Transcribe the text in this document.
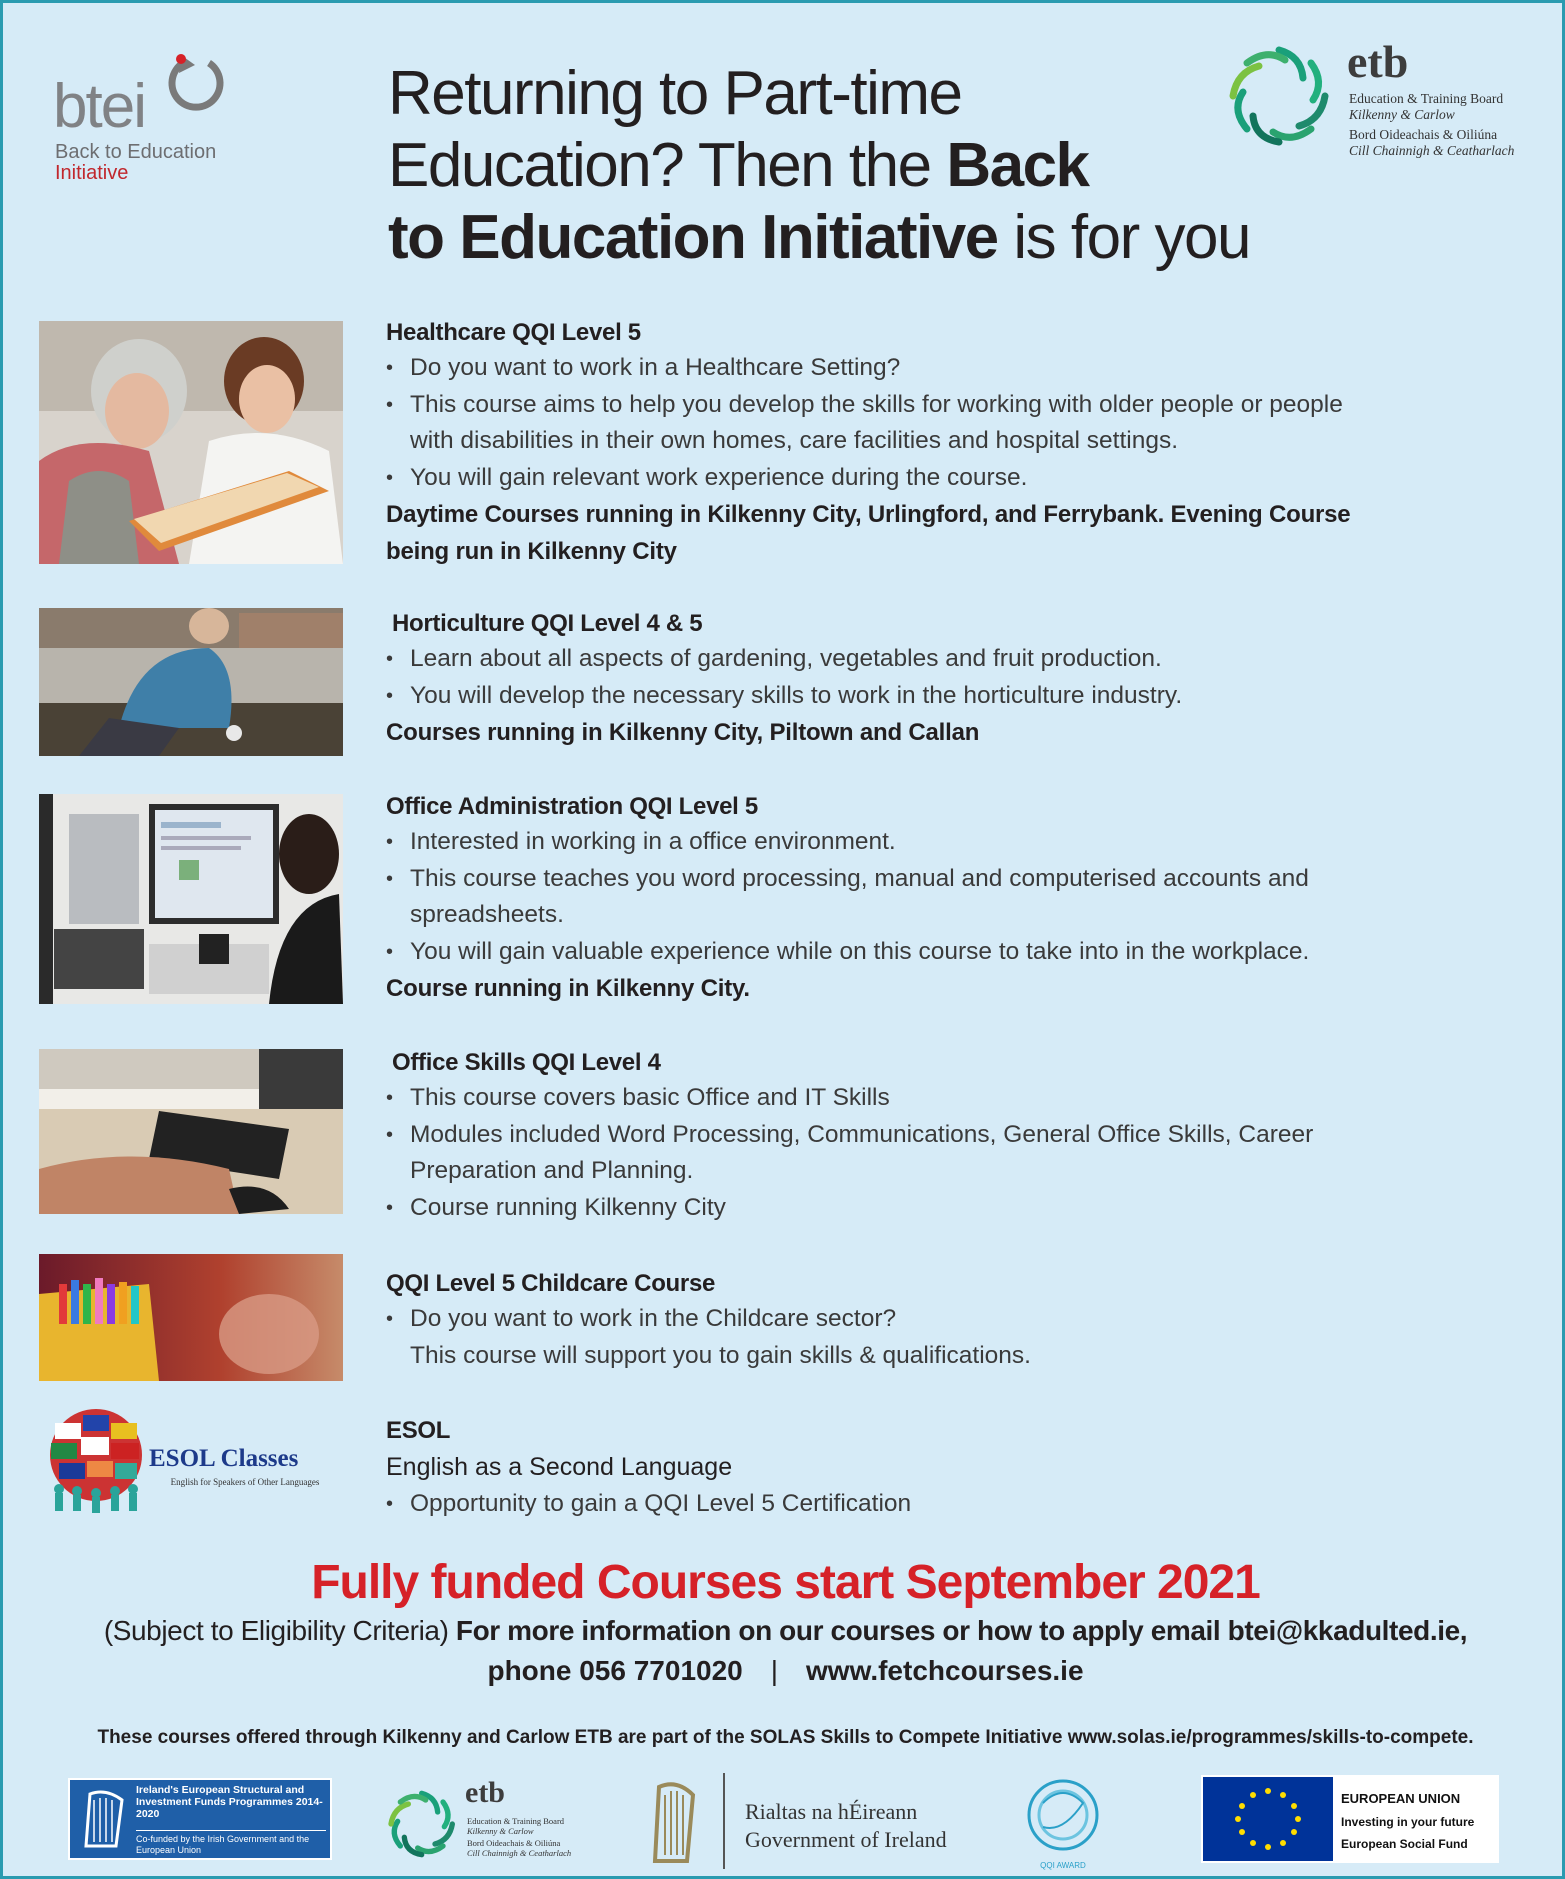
btei
Back to Education
Initiative
etb
Education & Training Board
Kilkenny & Carlow
Bord Oideachais & Oiliúna
Cill Chainnigh & Ceatharlach
Returning to Part-time
Education? Then the Back
to Education Initiative is for you
Healthcare QQI Level 5
• Do you want to work in a Healthcare Setting?
• This course aims to help you develop the skills for working with older people or people
with disabilities in their own homes, care facilities and hospital settings.
• You will gain relevant work experience during the course.
Daytime Courses running in Kilkenny City, Urlingford, and Ferrybank. Evening Course
being run in Kilkenny City
Horticulture QQI Level 4 & 5
• Learn about all aspects of gardening, vegetables and fruit production.
• You will develop the necessary skills to work in the horticulture industry.
Courses running in Kilkenny City, Piltown and Callan
Office Administration QQI Level 5
• Interested in working in a office environment.
• This course teaches you word processing, manual and computerised accounts and
spreadsheets.
• You will gain valuable experience while on this course to take into in the workplace.
Course running in Kilkenny City.
Office Skills QQI Level 4
• This course covers basic Office and IT Skills
• Modules included Word Processing, Communications, General Office Skills, Career
Preparation and Planning.
• Course running Kilkenny City
QQI Level 5 Childcare Course
• Do you want to work in the Childcare sector?
This course will support you to gain skills & qualifications.
ESOL Classes
English for Speakers of Other Languages
ESOL
English as a Second Language
• Opportunity to gain a QQI Level 5 Certification
Fully funded Courses start September 2021
(Subject to Eligibility Criteria) For more information on our courses or how to apply email btei@kkadulted.ie,
phone 056 7701020 | www.fetchcourses.ie
These courses offered through Kilkenny and Carlow ETB are part of the SOLAS Skills to Compete Initiative www.solas.ie/programmes/skills-to-compete.
Ireland's European Structural and Investment Funds Programmes 2014-2020
Co-funded by the Irish Government and the European Union
etb
Education & Training Board
Kilkenny & Carlow
Bord Oideachais & Oiliúna
Cill Chainnigh & Ceatharlach
Rialtas na hÉireann
Government of Ireland
QQI AWARD
EUROPEAN UNION
Investing in your future
European Social Fund
